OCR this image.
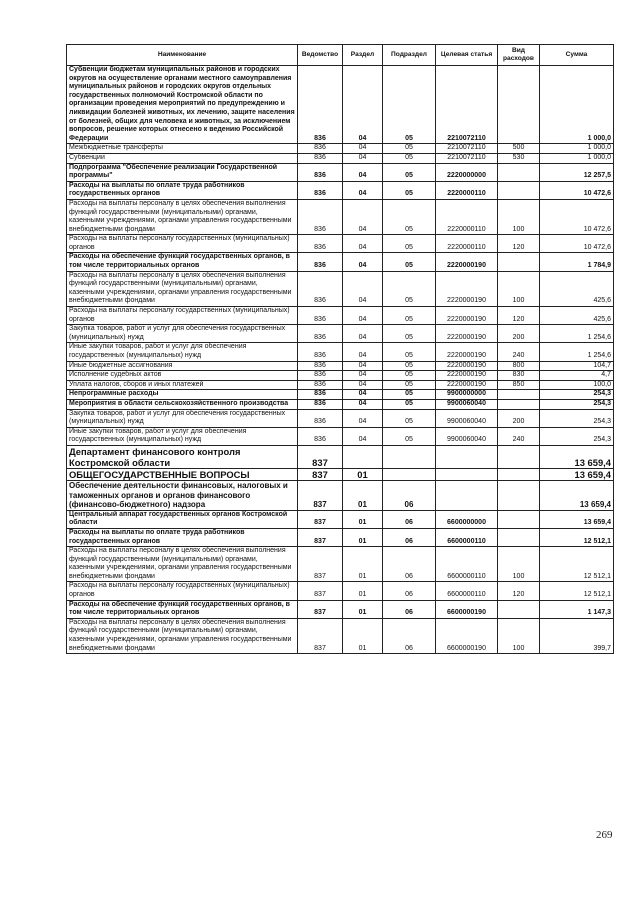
Наименование	Ведомство	Раздел	Подраздел	Целевая статья	Вид расходов	Сумма
Субвенции бюджетам муниципальных районов и городских округов на осуществление органами местного самоуправления муниципальных районов и городских округов отдельных государственных полномочий Костромской области по организации проведения мероприятий по предупреждению и ликвидации болезней животных, их лечению, защите населения от болезней, общих для человека и животных, за исключением вопросов, решение которых отнесено к ведению Российской Федерации	836	04	05	2210072110		1 000,0
Межбюджетные трансферты	836	04	05	2210072110	500	1 000,0
Субвенции	836	04	05	2210072110	530	1 000,0
Подпрограмма "Обеспечение реализации Государственной программы"	836	04	05	2220000000		12 257,5
Расходы на выплаты по оплате труда работников государственных органов	836	04	05	2220000110		10 472,6
Расходы на выплаты персоналу в целях обеспечения выполнения функций государственными (муниципальными) органами, казенными учреждениями, органами управления государственными внебюджетными фондами	836	04	05	2220000110	100	10 472,6
Расходы на выплаты персоналу государственных (муниципальных) органов	836	04	05	2220000110	120	10 472,6
Расходы на обеспечение функций государственных органов, в том числе территориальных органов	836	04	05	2220000190		1 784,9
Расходы на выплаты персоналу в целях обеспечения выполнения функций государственными (муниципальными) органами, казенными учреждениями, органами управления государственными внебюджетными фондами	836	04	05	2220000190	100	425,6
Расходы на выплаты персоналу государственных (муниципальных) органов	836	04	05	2220000190	120	425,6
Закупка товаров, работ и услуг для обеспечения государственных (муниципальных) нужд	836	04	05	2220000190	200	1 254,6
Иные закупки товаров, работ и услуг для обеспечения государственных (муниципальных) нужд	836	04	05	2220000190	240	1 254,6
Иные бюджетные ассигнования	836	04	05	2220000190	800	104,7
Исполнение судебных актов	836	04	05	2220000190	830	4,7
Уплата налогов, сборов и иных платежей	836	04	05	2220000190	850	100,0
Непрограммные расходы	836	04	05	9900000000		254,3
Мероприятия в области сельскохозяйственного производства	836	04	05	9900060040		254,3
Закупка товаров, работ и услуг для обеспечения государственных (муниципальных) нужд	836	04	05	9900060040	200	254,3
Иные закупки товаров, работ и услуг для обеспечения государственных (муниципальных) нужд	836	04	05	9900060040	240	254,3
Департамент финансового контроля Костромской области	837					13 659,4
ОБЩЕГОСУДАРСТВЕННЫЕ ВОПРОСЫ	837	01				13 659,4
Обеспечение деятельности финансовых, налоговых и таможенных органов и органов финансового (финансово-бюджетного) надзора	837	01	06			13 659,4
Центральный аппарат государственных органов Костромской области	837	01	06	6600000000		13 659,4
Расходы на выплаты по оплате труда работников государственных органов	837	01	06	6600000110		12 512,1
Расходы на выплаты персоналу в целях обеспечения выполнения функций государственными (муниципальными) органами, казенными учреждениями, органами управления государственными внебюджетными фондами	837	01	06	6600000110	100	12 512,1
Расходы на выплаты персоналу государственных (муниципальных) органов	837	01	06	6600000110	120	12 512,1
Расходы на обеспечение функций государственных органов, в том числе территориальных органов	837	01	06	6600000190		1 147,3
Расходы на выплаты персоналу в целях обеспечения выполнения функций государственными (муниципальными) органами, казенными учреждениями, органами управления государственными внебюджетными фондами	837	01	06	6600000190	100	399,7
269
